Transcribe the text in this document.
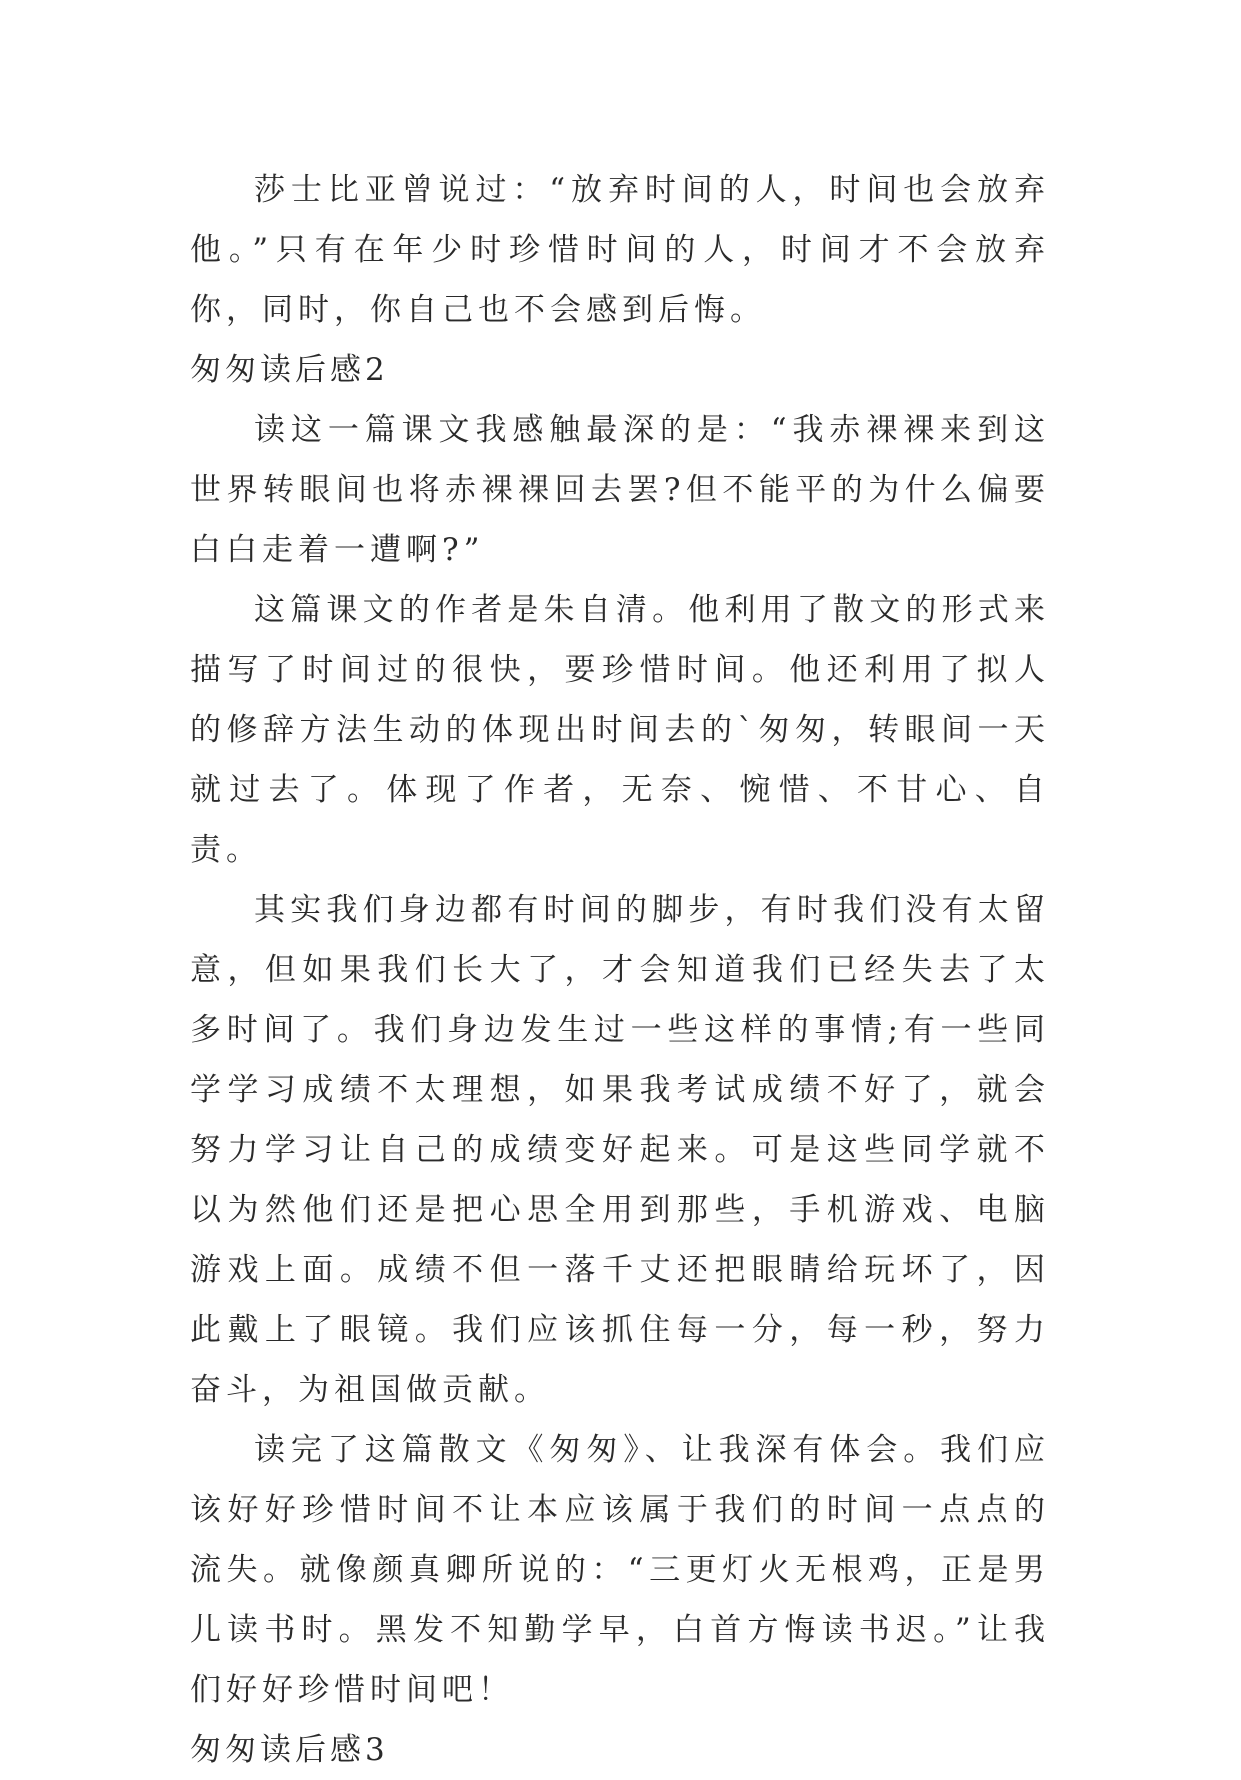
莎士比亚曾说过：“放弃时间的人，时间也会放弃他。”只有在年少时珍惜时间的人，时间才不会放弃你，同时，你自己也不会感到后悔。

匆匆读后感2

读这一篇课文我感触最深的是：“我赤裸裸来到这世界转眼间也将赤裸裸回去罢?但不能平的为什么偏要白白走着一遭啊?”

这篇课文的作者是朱自清。他利用了散文的形式来描写了时间过的很快，要珍惜时间。他还利用了拟人的修辞方法生动的体现出时间去的`匆匆，转眼间一天就过去了。体现了作者，无奈、惋惜、不甘心、自责。

其实我们身边都有时间的脚步，有时我们没有太留意，但如果我们长大了，才会知道我们已经失去了太多时间了。我们身边发生过一些这样的事情;有一些同学学习成绩不太理想，如果我考试成绩不好了，就会努力学习让自己的成绩变好起来。可是这些同学就不以为然他们还是把心思全用到那些，手机游戏、电脑游戏上面。成绩不但一落千丈还把眼睛给玩坏了，因此戴上了眼镜。我们应该抓住每一分，每一秒，努力奋斗，为祖国做贡献。

读完了这篇散文《匆匆》、让我深有体会。我们应该好好珍惜时间不让本应该属于我们的时间一点点的流失。就像颜真卿所说的：“三更灯火无根鸡，正是男儿读书时。黑发不知勤学早，白首方悔读书迟。”让我们好好珍惜时间吧！

匆匆读后感3
